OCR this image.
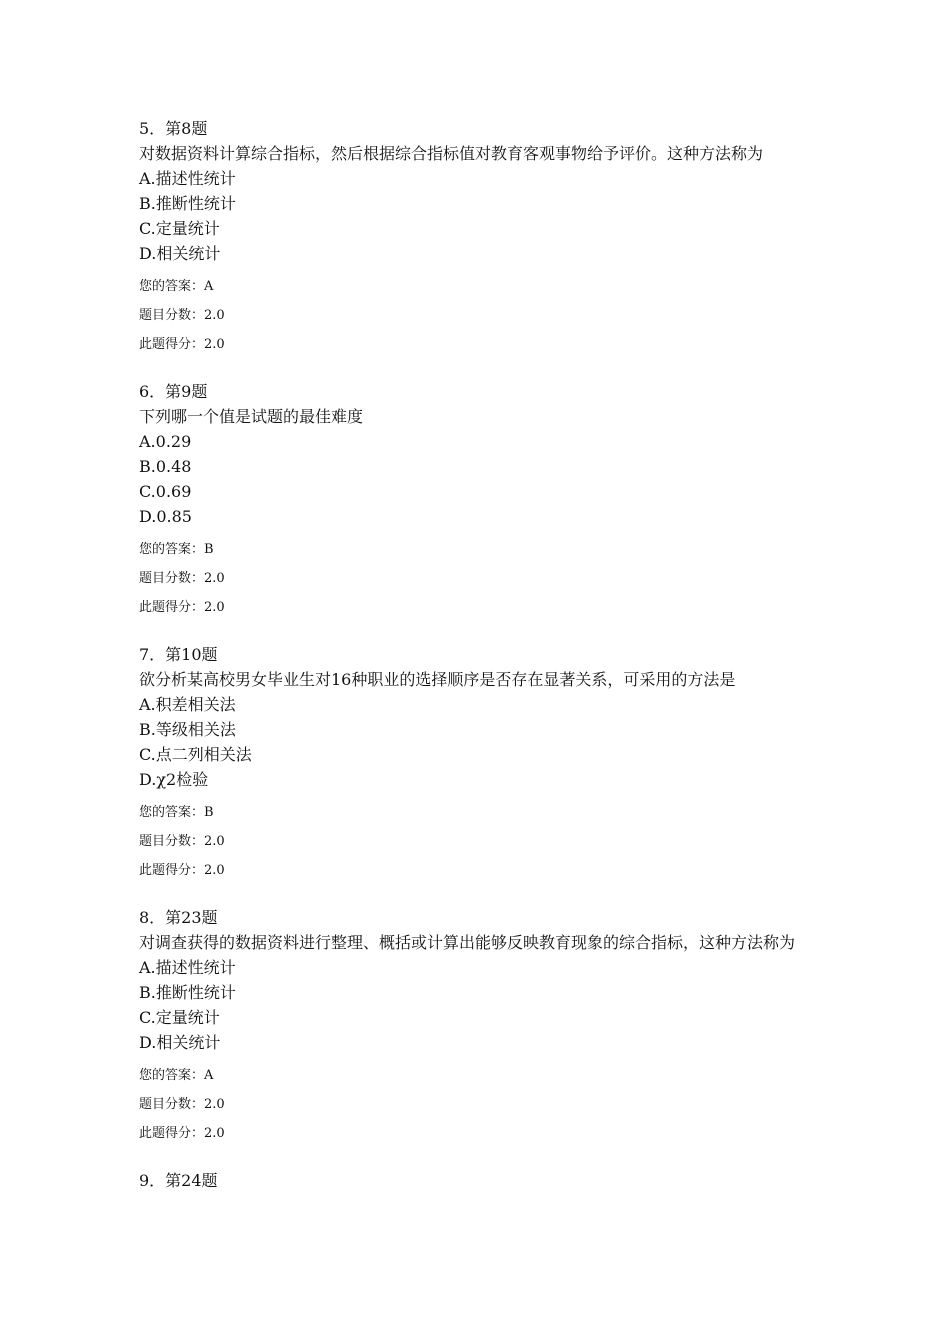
5．第8题
对数据资料计算综合指标，然后根据综合指标值对教育客观事物给予评价。这种方法称为
A.描述性统计
B.推断性统计
C.定量统计
D.相关统计
您的答案：A
题目分数：2.0
此题得分：2.0
6．第9题
下列哪一个值是试题的最佳难度
A.0.29
B.0.48
C.0.69
D.0.85
您的答案：B
题目分数：2.0
此题得分：2.0
7．第10题
欲分析某高校男女毕业生对16种职业的选择顺序是否存在显著关系，可采用的方法是
A.积差相关法
B.等级相关法
C.点二列相关法
D.χ2检验
您的答案：B
题目分数：2.0
此题得分：2.0
8．第23题
对调查获得的数据资料进行整理、概括或计算出能够反映教育现象的综合指标，这种方法称为
A.描述性统计
B.推断性统计
C.定量统计
D.相关统计
您的答案：A
题目分数：2.0
此题得分：2.0
9．第24题
